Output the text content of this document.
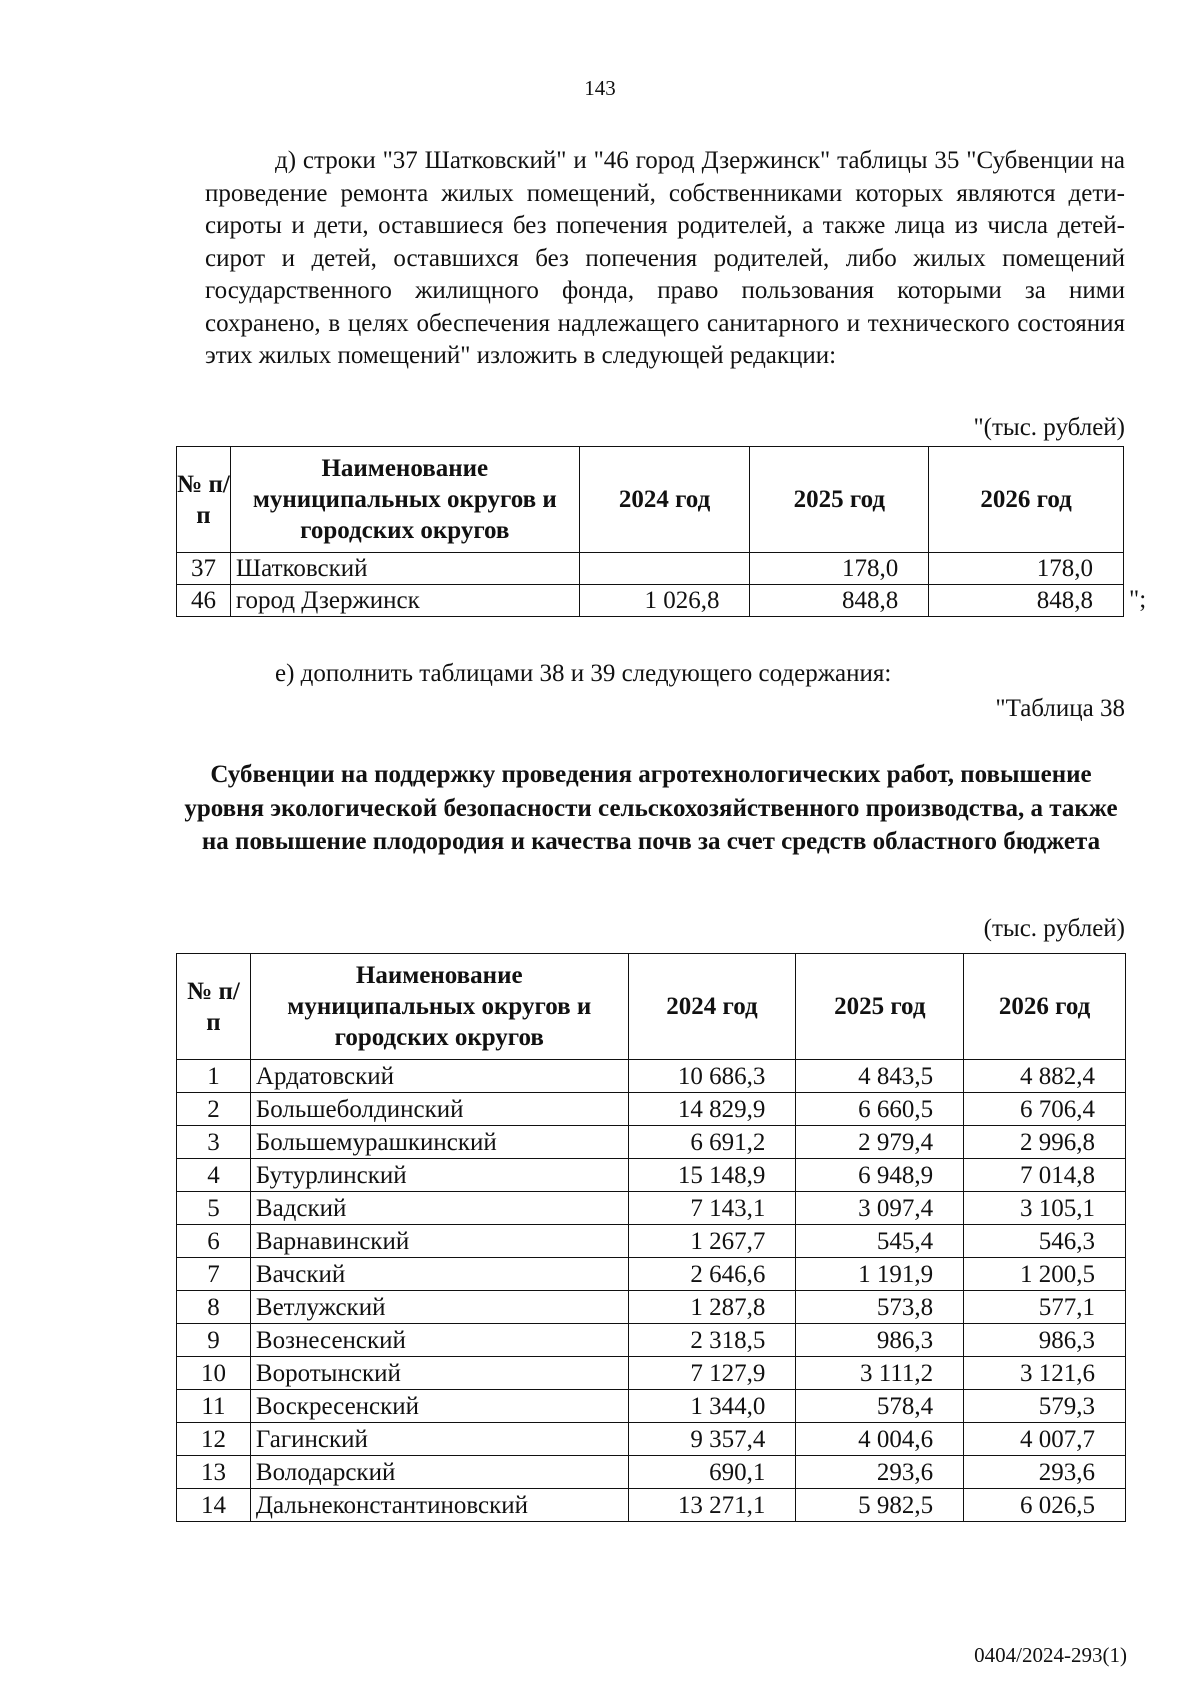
143

д) строки "37 Шатковский" и "46 город Дзержинск" таблицы 35 "Субвенции на проведение ремонта жилых помещений, собственниками которых являются дети-сироты и дети, оставшиеся без попечения родителей, а также лица из числа детей-сирот и детей, оставшихся без попечения родителей, либо жилых помещений государственного жилищного фонда, право пользования которыми за ними сохранено, в целях обеспечения надлежащего санитарного и технического состояния этих жилых помещений" изложить в следующей редакции:

"(тыс. рублей)
№ п/п	Наименование муниципальных округов и городских округов	2024 год	2025 год	2026 год
37	Шатковский		178,0	178,0
46	город Дзержинск	1 026,8	848,8	848,8 ";
е) дополнить таблицами 38 и 39 следующего содержания:
"Таблица 38

Субвенции на поддержку проведения агротехнологических работ, повышение уровня экологической безопасности сельскохозяйственного производства, а также на повышение плодородия и качества почв за счет средств областного бюджета

(тыс. рублей)
№ п/п	Наименование муниципальных округов и городских округов	2024 год	2025 год	2026 год
1	Ардатовский	10 686,3	4 843,5	4 882,4
2	Большеболдинский	14 829,9	6 660,5	6 706,4
3	Большемурашкинский	6 691,2	2 979,4	2 996,8
4	Бутурлинский	15 148,9	6 948,9	7 014,8
5	Вадский	7 143,1	3 097,4	3 105,1
6	Варнавинский	1 267,7	545,4	546,3
7	Вачский	2 646,6	1 191,9	1 200,5
8	Ветлужский	1 287,8	573,8	577,1
9	Вознесенский	2 318,5	986,3	986,3
10	Воротынский	7 127,9	3 111,2	3 121,6
11	Воскресенский	1 344,0	578,4	579,3
12	Гагинский	9 357,4	4 004,6	4 007,7
13	Володарский	690,1	293,6	293,6
14	Дальнеконстантиновский	13 271,1	5 982,5	6 026,5
0404/2024-293(1)
